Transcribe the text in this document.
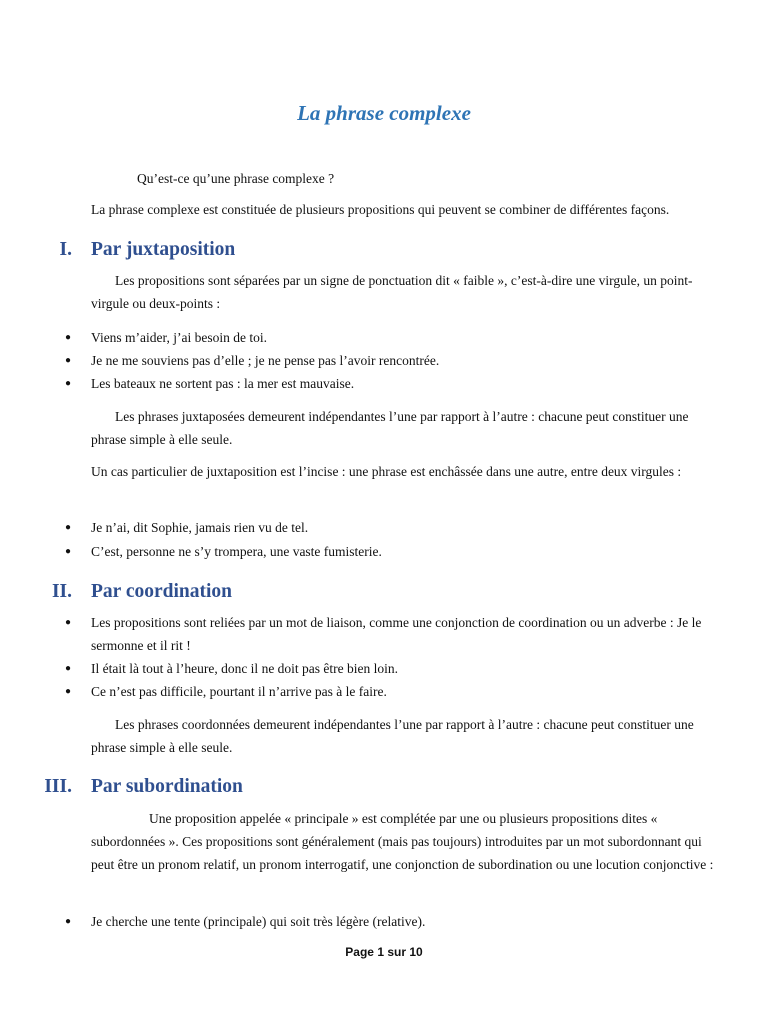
La phrase complexe

Qu’est-ce qu’une phrase complexe ?

La phrase complexe est constituée de plusieurs propositions qui peuvent se combiner de différentes façons.

I. Par juxtaposition

Les propositions sont séparées par un signe de ponctuation dit « faible », c’est-à-dire une virgule, un point-virgule ou deux-points :

● Viens m’aider, j’ai besoin de toi.

● Je ne me souviens pas d’elle ; je ne pense pas l’avoir rencontrée.

● Les bateaux ne sortent pas : la mer est mauvaise.

Les phrases juxtaposées demeurent indépendantes l’une par rapport à l’autre : chacune peut constituer une phrase simple à elle seule.

Un cas particulier de juxtaposition est l’incise : une phrase est enchâssée dans une autre, entre deux virgules :

● Je n’ai, dit Sophie, jamais rien vu de tel.

● C’est, personne ne s’y trompera, une vaste fumisterie.

II. Par coordination
● Les propositions sont reliées par un mot de liaison, comme une conjonction de coordination ou un adverbe : Je le sermonne et il rit !

● Il était là tout à l’heure, donc il ne doit pas être bien loin.

● Ce n’est pas difficile, pourtant il n’arrive pas à le faire.

Les phrases coordonnées demeurent indépendantes l’une par rapport à l’autre : chacune peut constituer une phrase simple à elle seule.

III. Par subordination

Une proposition appelée « principale » est complétée par une ou plusieurs propositions dites « subordonnées ». Ces propositions sont généralement (mais pas toujours) introduites par un mot subordonnant qui peut être un pronom relatif, un pronom interrogatif, une conjonction de subordination ou une locution conjonctive :

● Je cherche une tente (principale) qui soit très légère (relative).

Page 1 sur 10
